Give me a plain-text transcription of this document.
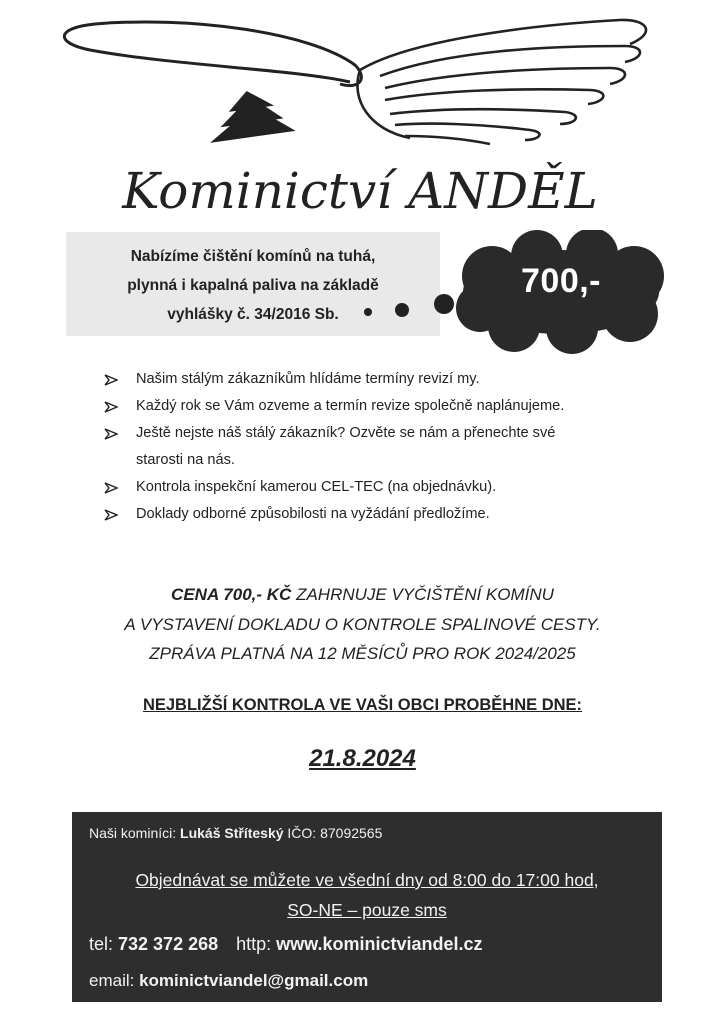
Kominictví ANDĚL
Nabízíme čištění komínů na tuhá,
plynná i kapalná paliva na základě
vyhlášky č. 34/2016 Sb.
700,-
Našim stálým zákazníkům hlídáme termíny revizí my.
Každý rok se Vám ozveme a termín revize společně naplánujeme.
Ještě nejste náš stálý zákazník? Ozvěte se nám a přenechte své starosti na nás.
Kontrola inspekční kamerou CEL-TEC (na objednávku).
Doklady odborné způsobilosti na vyžádání předložíme.
CENA 700,- KČ ZAHRNUJE VYČIŠTĚNÍ KOMÍNU
A VYSTAVENÍ DOKLADU O KONTROLE SPALINOVÉ CESTY.
ZPRÁVA PLATNÁ NA 12 MĚSÍCŮ PRO ROK 2024/2025
NEJBLIŽŠÍ KONTROLA VE VAŠI OBCI PROBĚHNE DNE:
21.8.2024
Naši kominíci: Lukáš Stříteský IČO: 87092565
Objednávat se můžete ve všední dny od 8:00 do 17:00 hod,
SO-NE – pouze sms
tel: 732 372 268 http: www.kominictviandel.cz
email: kominictviandel@gmail.com
